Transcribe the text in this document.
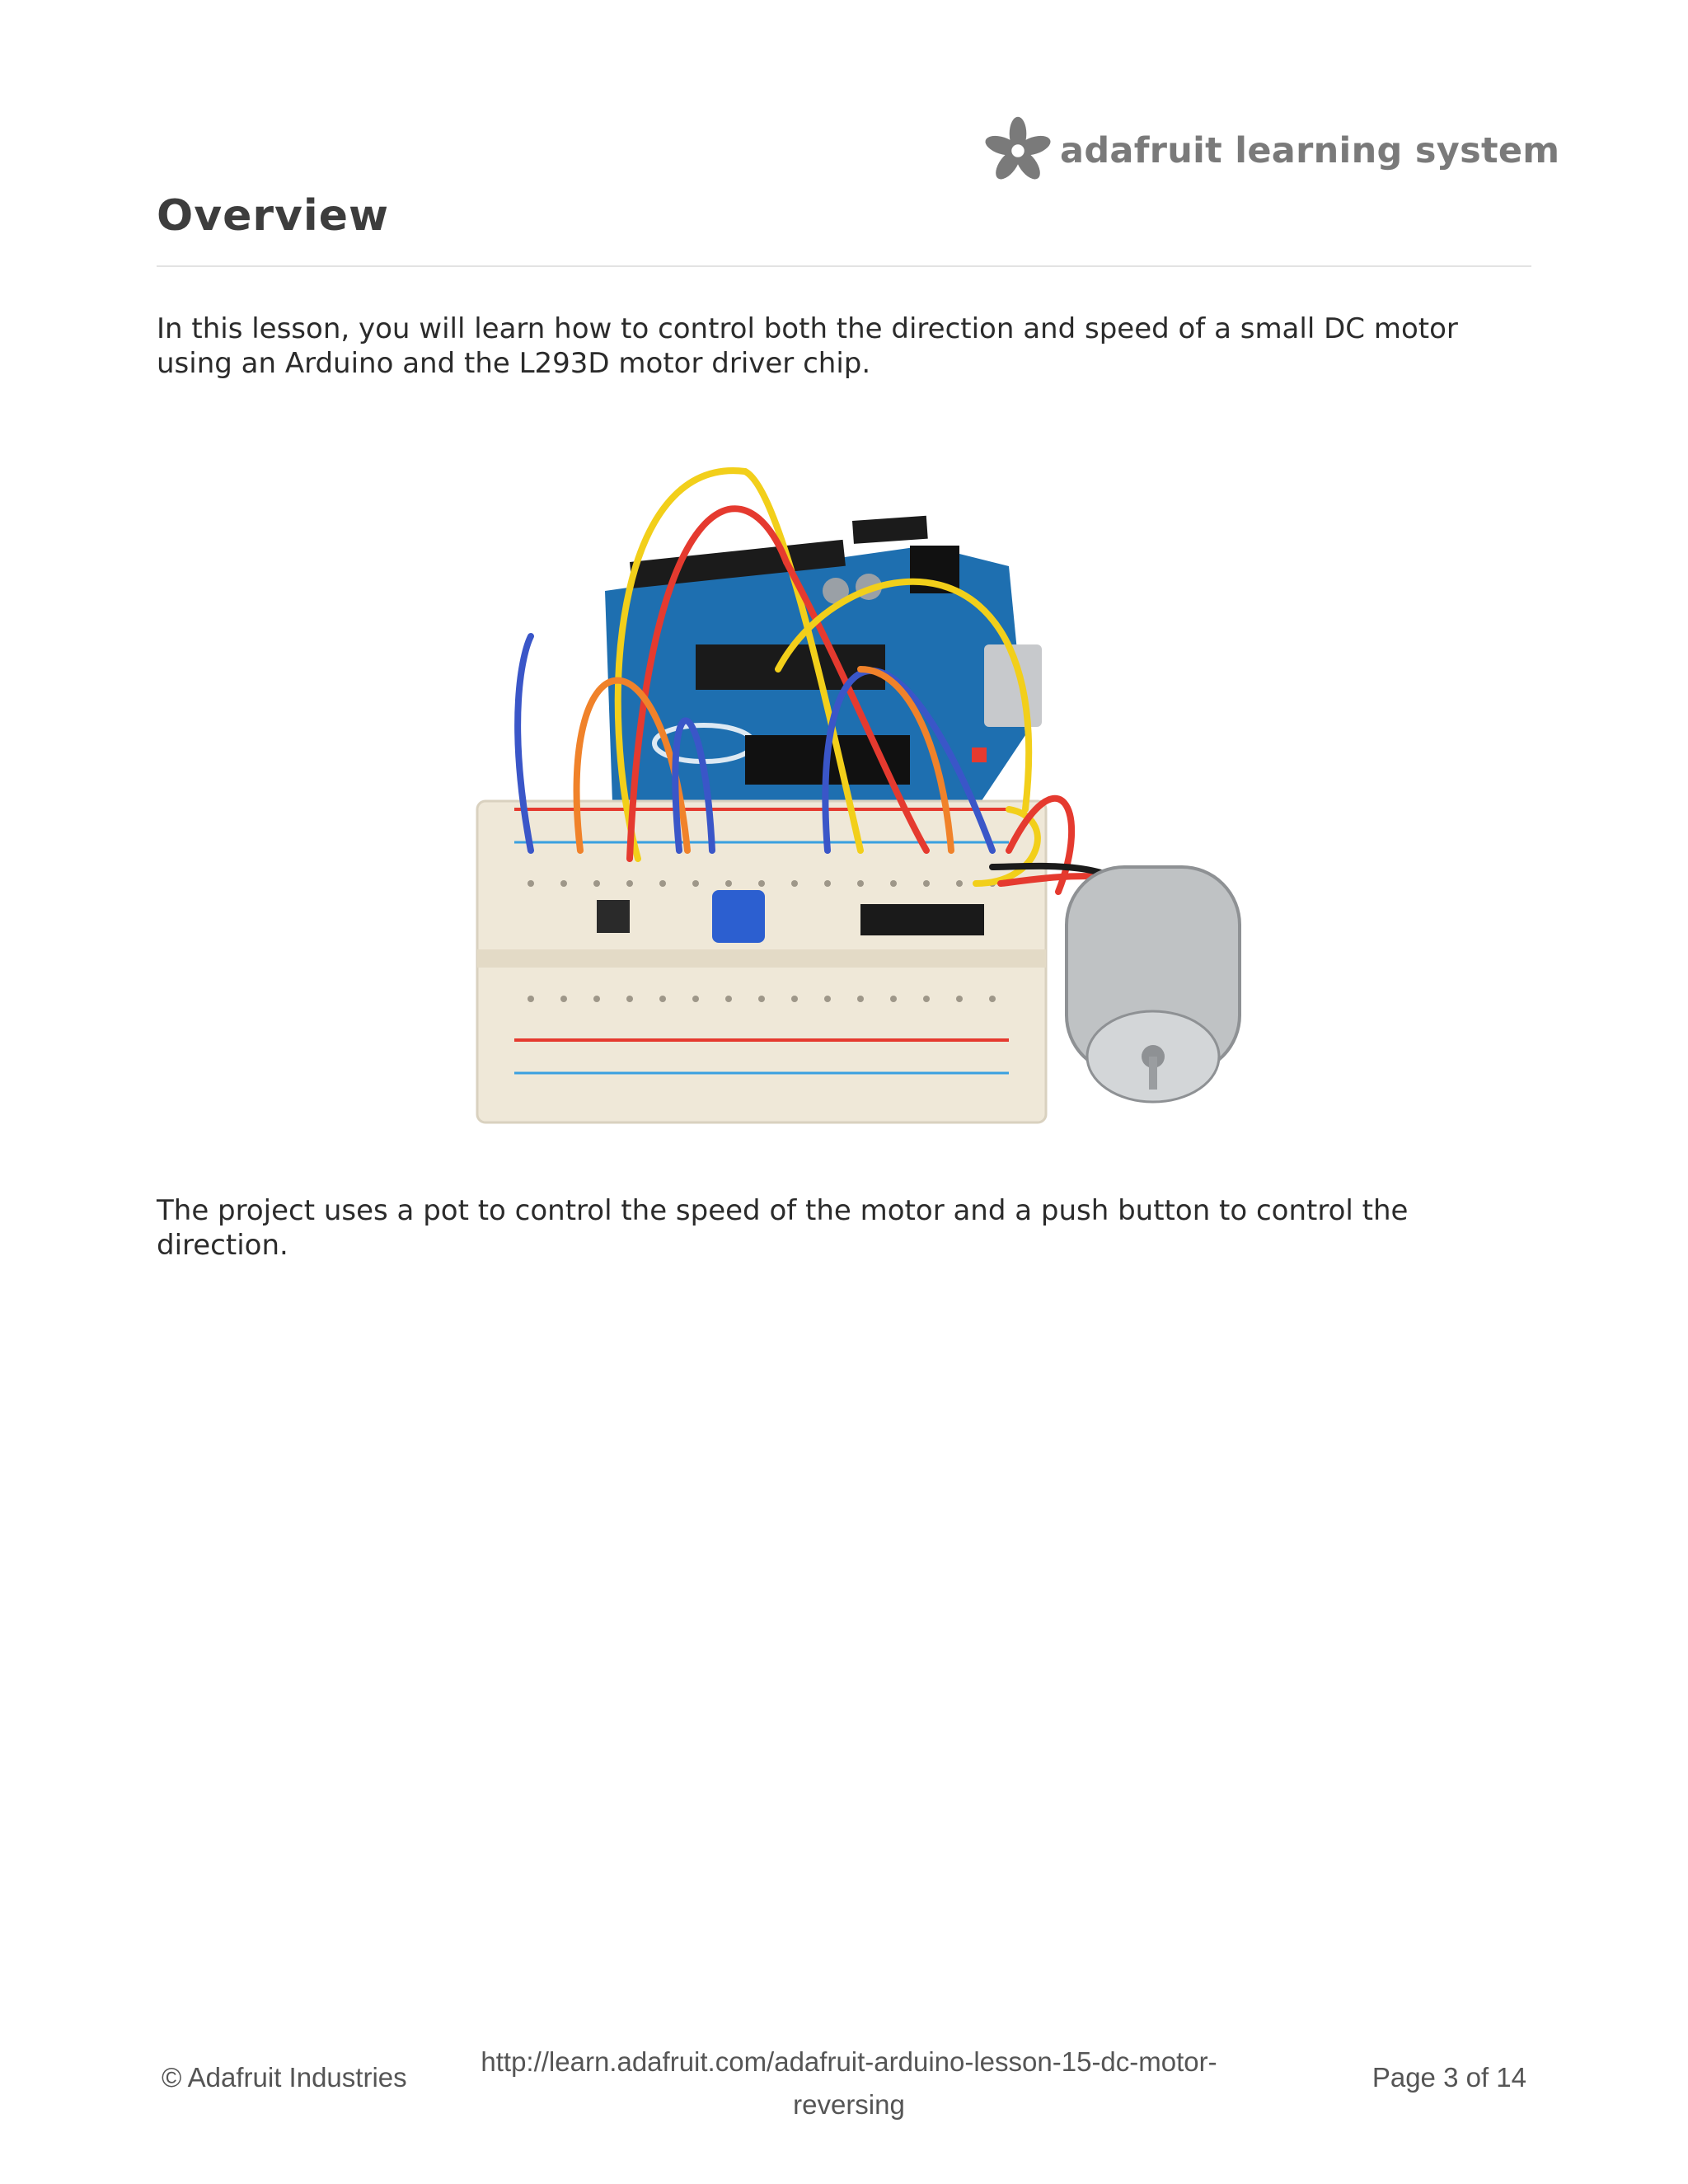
adafruit learning system
Overview

In this lesson, you will learn how to control both the direction and speed of a small DC motor using an Arduino and the L293D motor driver chip.

The project uses a pot to control the speed of the motor and a push button to control the direction.

© Adafruit Industries
http://learn.adafruit.com/adafruit-arduino-lesson-15-dc-motor-reversing
Page 3 of 14
